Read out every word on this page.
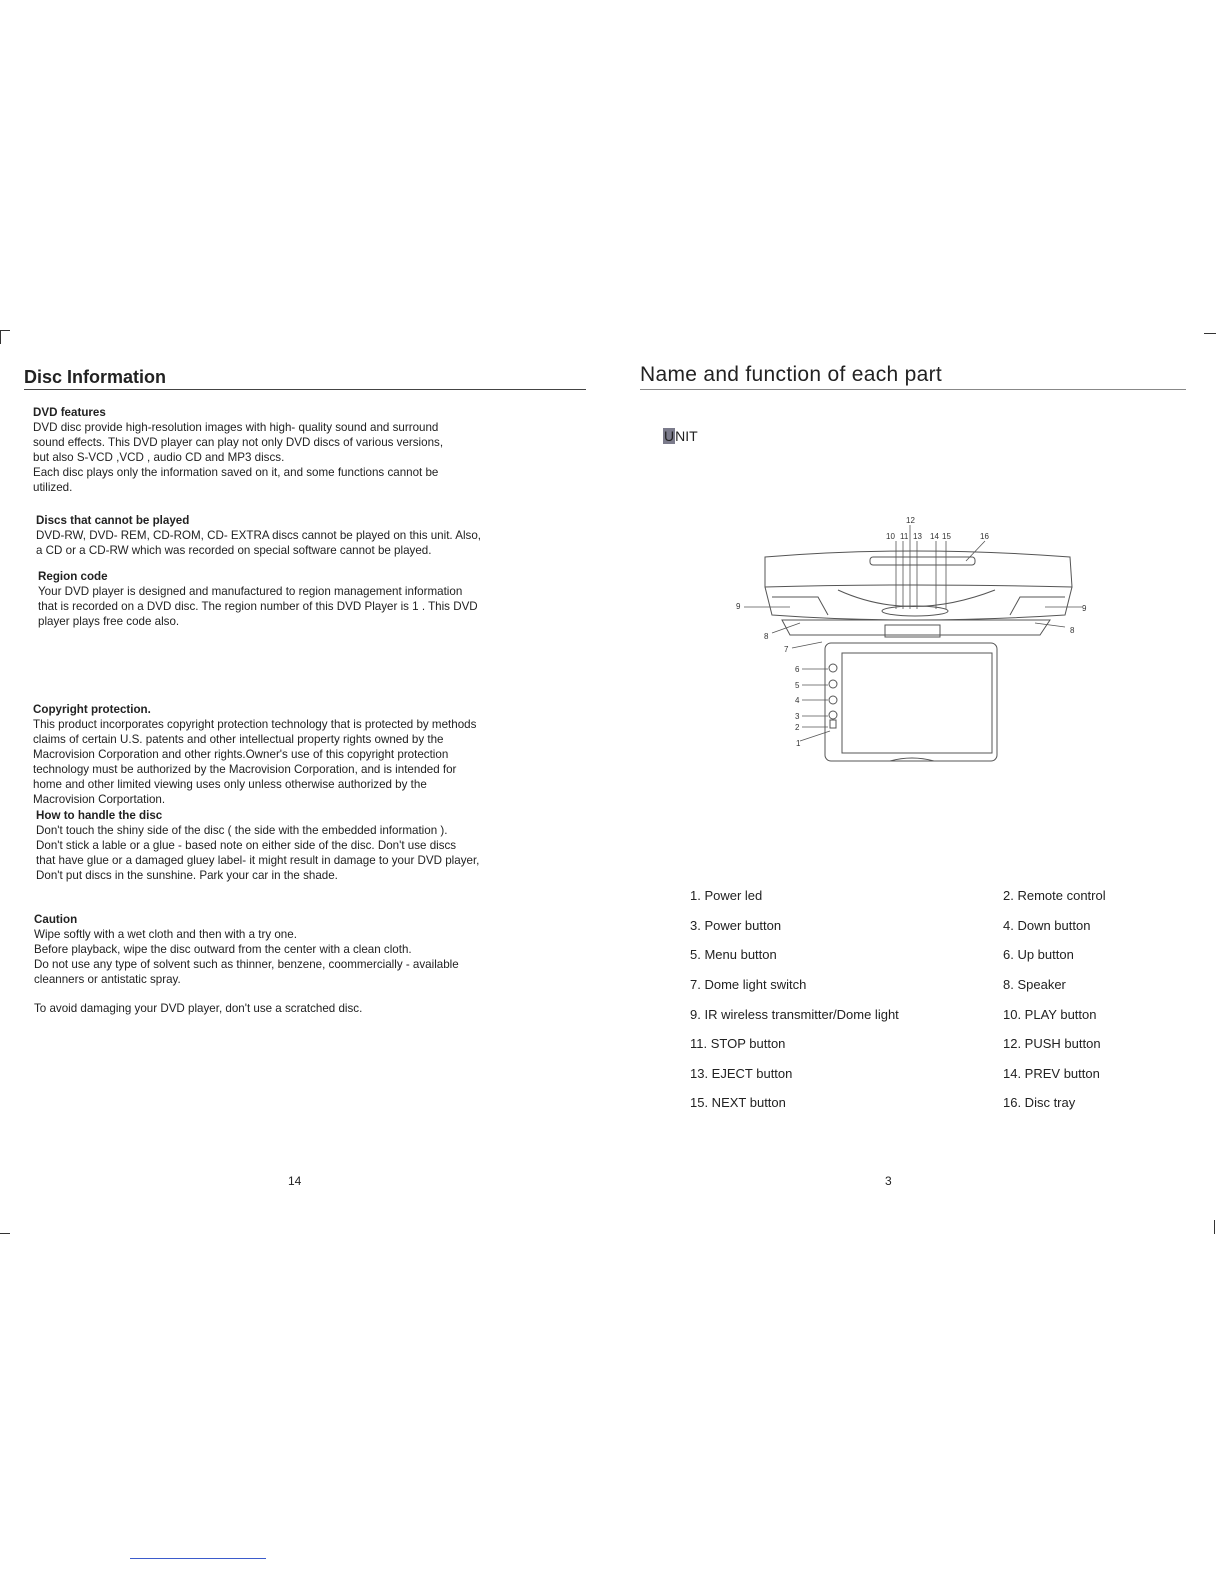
Disc Information
DVD features

DVD disc provide high-resolution images with high- quality sound and surround

sound effects. This DVD player can play not only DVD discs of various versions,

but also S-VCD ,VCD , audio CD and MP3 discs.

Each disc plays only the information saved on it, and some functions cannot be

utilized.

Discs that cannot be played

DVD-RW, DVD- REM, CD-ROM, CD- EXTRA discs cannot be played on this unit. Also,

a CD or a CD-RW which was recorded on special software cannot be played.

Region code

Your DVD player is designed and manufactured to region management information

that is recorded on a DVD disc. The region number of this DVD Player is 1 . This DVD

player plays free code also.

Copyright protection.

This product incorporates copyright protection technology that is protected by methods

claims of certain U.S. patents and other intellectual property rights owned by the

Macrovision Corporation and other rights.Owner's use of this copyright protection

technology must be authorized by the Macrovision Corporation, and is intended for

home and other limited viewing uses only unless otherwise authorized by the

Macrovision Corportation.

How to handle the disc

Don't touch the shiny side of the disc ( the side with the embedded information ).

Don't stick a lable or a glue - based note on either side of the disc. Don't use discs

that have glue or a damaged gluey label- it might result in damage to your DVD player,

Don't put discs in the sunshine. Park your car in the shade.

Caution

Wipe softly with a wet cloth and then with a try one.

Before playback, wipe the disc outward from the center with a clean cloth.

Do not use any type of solvent such as thinner, benzene, coommercially - available

cleanners or antistatic spray.

To avoid damaging your DVD player, don't use a scratched disc.

14
Name and function of each part
UNIT
12
10 11 13 14 15	16
9	9
8
8
7
6
5
4
3
2
1
1. Power led	2. Remote control
3. Power button	4. Down button
5. Menu button	6. Up button
7. Dome light switch	8. Speaker
9. IR wireless transmitter/Dome light	10. PLAY button
11. STOP button	12. PUSH button
13. EJECT button	14. PREV button
15. NEXT button	16. Disc tray
3
